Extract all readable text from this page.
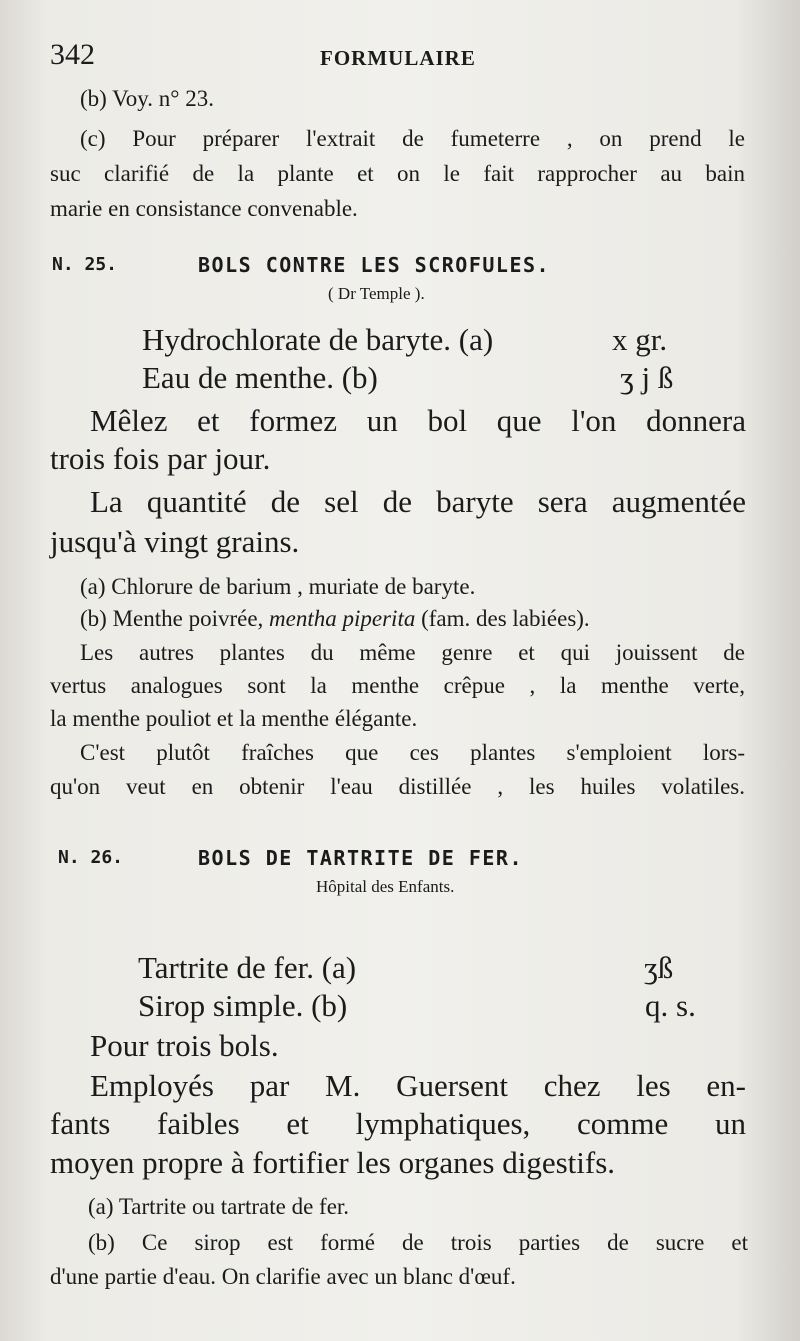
342	FORMULAIRE
(b) Voy. n° 23.
(c) Pour préparer l'extrait de fumeterre , on prend le
suc clarifié de la plante et on le fait rapprocher au bain
marie en consistance convenable.
N. 25.	BOLS CONTRE LES SCROFULES.
( Dr Temple ).
Hydrochlorate de baryte. (a)	x gr.
Eau de menthe. (b)	ʒ j ß
Mêlez et formez un bol que l'on donnera
trois fois par jour.
La quantité de sel de baryte sera augmentée
jusqu'à vingt grains.
(a) Chlorure de barium , muriate de baryte.
(b) Menthe poivrée, mentha piperita (fam. des labiées).
Les autres plantes du même genre et qui jouissent de
vertus analogues sont la menthe crêpue , la menthe verte,
la menthe pouliot et la menthe élégante.
C'est plutôt fraîches que ces plantes s'emploient lors-
qu'on veut en obtenir l'eau distillée , les huiles volatiles.
N. 26.	BOLS DE TARTRITE DE FER.
Hôpital des Enfants.
Tartrite de fer. (a)	ʒß
Sirop simple. (b)	q. s.
Pour trois bols.
Employés par M. Guersent chez les en-
fants faibles et lymphatiques, comme un
moyen propre à fortifier les organes digestifs.
(a) Tartrite ou tartrate de fer.
(b) Ce sirop est formé de trois parties de sucre et
d'une partie d'eau. On clarifie avec un blanc d'œuf.
